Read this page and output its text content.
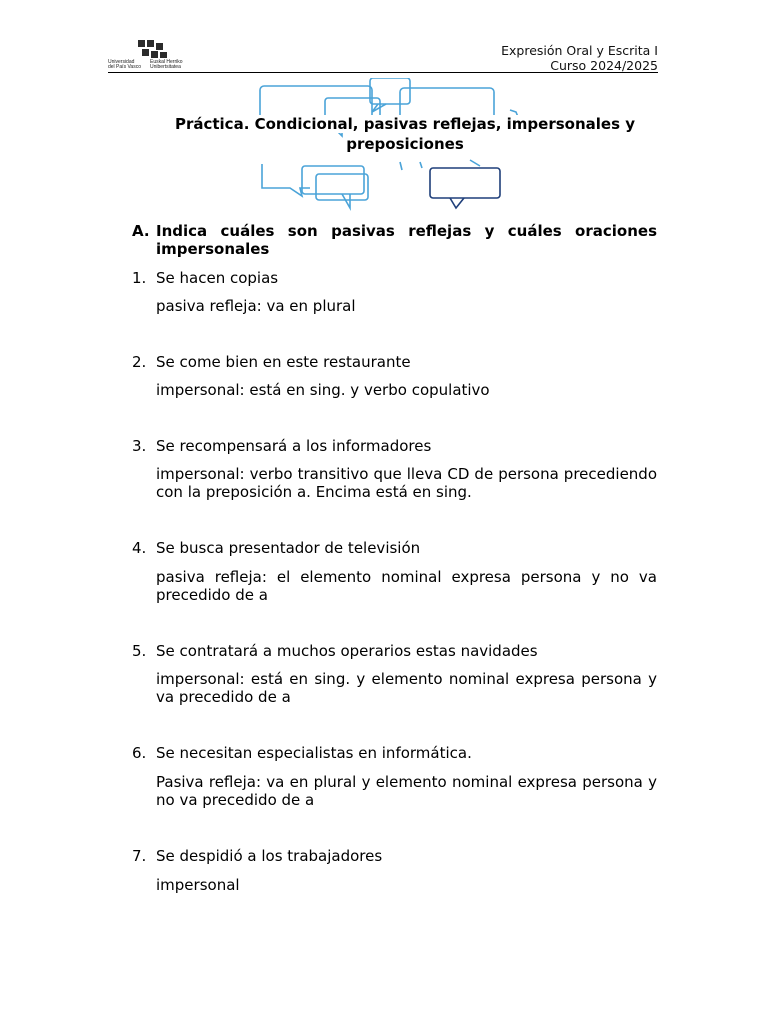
Universidad
del País Vasco
Euskal Herriko
Unibertsitatea
Expresión Oral y Escrita I
Curso 2024/2025
Práctica. Condicional, pasivas reflejas, impersonales y
preposiciones
A. Indica cuáles son pasivas reflejas y cuáles oraciones impersonales
1. Se hacen copias
pasiva refleja: va en plural
2. Se come bien en este restaurante
impersonal: está en sing. y verbo copulativo
3. Se recompensará a los informadores
impersonal: verbo transitivo que lleva CD de persona precediendo con la preposición a. Encima está en sing.
4. Se busca presentador de televisión
pasiva refleja: el elemento nominal expresa persona y no va precedido de a
5. Se contratará a muchos operarios estas navidades
impersonal: está en sing. y elemento nominal expresa persona y va precedido de a
6. Se necesitan especialistas en informática.
Pasiva refleja: va en plural y elemento nominal expresa persona y no va precedido de a
7. Se despidió a los trabajadores
impersonal
